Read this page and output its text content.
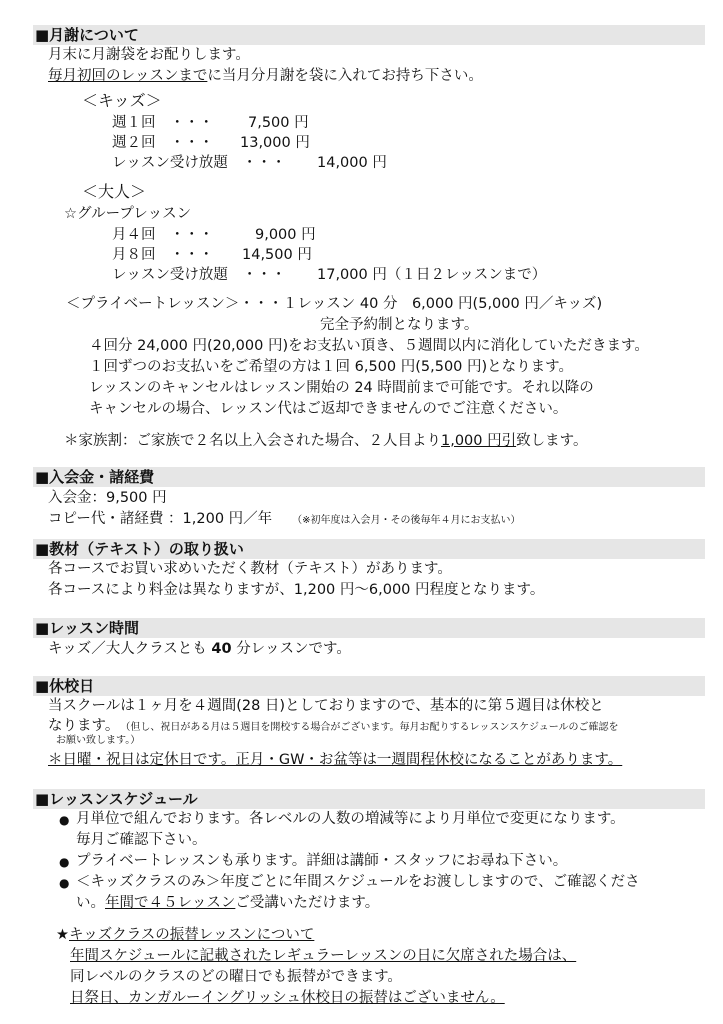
■月謝について
月末に月謝袋をお配りします。
毎月初回のレッスンまでに当月分月謝を袋に入れてお持ち下さい。
＜キッズ＞
週１回　・・・ 7,500 円
週２回　・・・ 13,000 円
レッスン受け放題　・・・ 14,000 円
＜大人＞
☆グループレッスン
月４回　・・・	9,000 円
月８回　・・・ 14,500 円
レッスン受け放題　・・・ 17,000 円（１日２レッスンまで）
＜プライベートレッスン＞・・・１レッスン 40 分　6,000 円(5,000 円／キッズ)
完全予約制となります。
４回分 24,000 円(20,000 円)をお支払い頂き、５週間以内に消化していただきます。
１回ずつのお支払いをご希望の方は１回 6,500 円(5,500 円)となります。
レッスンのキャンセルはレッスン開始の 24 時間前まで可能です。それ以降の
キャンセルの場合、レッスン代はご返却できませんのでご注意ください。
＊家族割：ご家族で２名以上入会された場合、２人目より1,000 円引致します。
■入会金・諸経費
入会金：9,500 円
コピー代・諸経費 ：1,200 円／年 （※初年度は入会月・その後毎年４月にお支払い）
■教材（テキスト）の取り扱い
各コースでお買い求めいただく教材（テキスト）があります。
各コースにより料金は異なりますが、1,200 円～6,000 円程度となります。
■レッスン時間
キッズ／大人クラスとも 40 分レッスンです。
■休校日
当スクールは１ヶ月を４週間(28 日)としておりますので、基本的に第５週目は休校と
なります。 （但し、祝日がある月は５週目を開校する場合がございます。毎月お配りするレッスンスケジュールのご確認を
お願い致します。）
＊日曜・祝日は定休日です。正月・GW・お盆等は一週間程休校になることがあります。
■レッスンスケジュール
● 月単位で組んでおります。各レベルの人数の増減等により月単位で変更になります。
毎月ご確認下さい。
● プライベートレッスンも承ります。詳細は講師・スタッフにお尋ね下さい。
● ＜キッズクラスのみ＞年度ごとに年間スケジュールをお渡ししますので、ご確認くださ
い。年間で４５レッスンご受講いただけます。
★キッズクラスの振替レッスンについて
年間スケジュールに記載されたレギュラーレッスンの日に欠席された場合は、
同レベルのクラスのどの曜日でも振替ができます。
日祭日、カンガルーイングリッシュ休校日の振替はございません。
